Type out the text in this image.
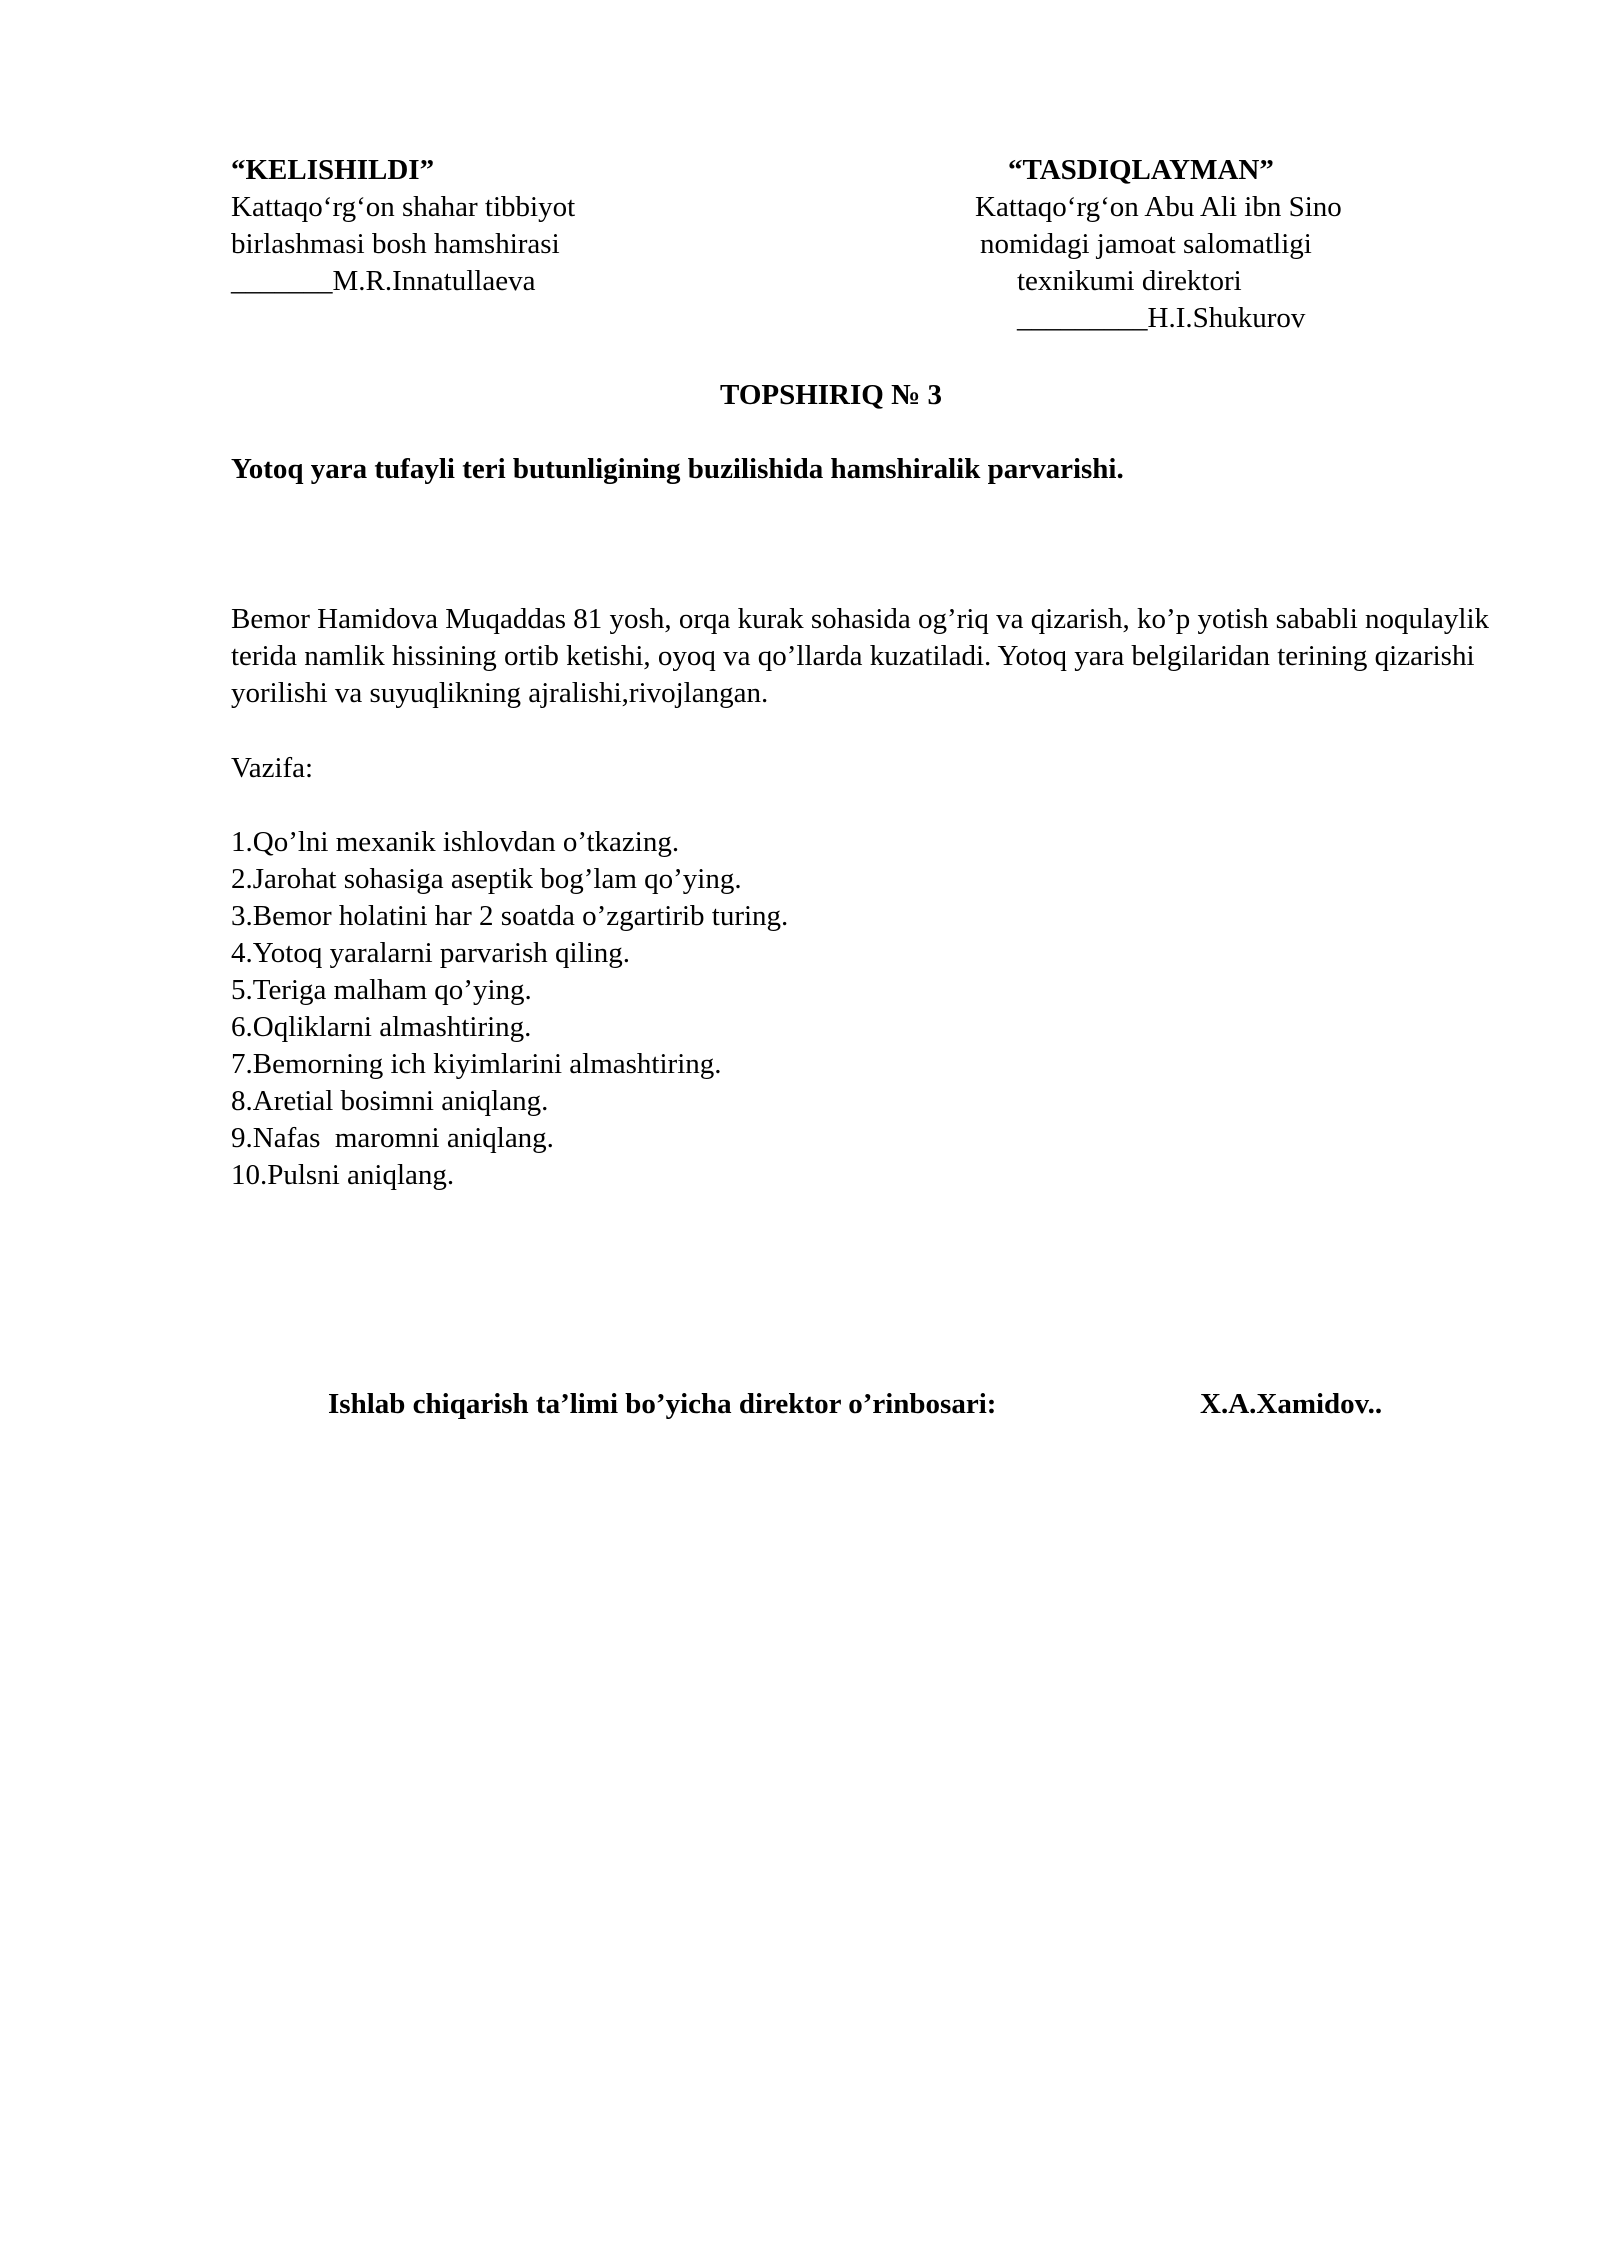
“KELISHILDI”
Kattaqo‘rg‘on shahar tibbiyot
birlashmasi bosh hamshirasi
_______M.R.Innatullaeva
“TASDIQLAYMAN”
Kattaqo‘rg‘on Abu Ali ibn Sino
nomidagi jamoat salomatligi
texnikumi direktori
_________H.I.Shukurov
TOPSHIRIQ № 3
Yotoq yara tufayli teri butunligining buzilishida hamshiralik parvarishi.

Bemor Hamidova Muqaddas 81 yosh, orqa kurak sohasida og’riq va qizarish, ko’p yotish sababli noqulaylik terida namlik hissining ortib ketishi, oyoq va qo’llarda kuzatiladi. Yotoq yara belgilaridan terining qizarishi yorilishi va suyuqlikning ajralishi,rivojlangan.

Vazifa:
1.Qo’lni mexanik ishlovdan o’tkazing.
2.Jarohat sohasiga aseptik bog’lam qo’ying.
3.Bemor holatini har 2 soatda o’zgartirib turing.
4.Yotoq yaralarni parvarish qiling.
5.Teriga malham qo’ying.
6.Oqliklarni almashtiring.
7.Bemorning ich kiyimlarini almashtiring.
8.Aretial bosimni aniqlang.
9.Nafas  maromni aniqlang.
10.Pulsni aniqlang.
Ishlab chiqarish ta’limi bo’yicha direktor o’rinbosari:	X.A.Xamidov..
